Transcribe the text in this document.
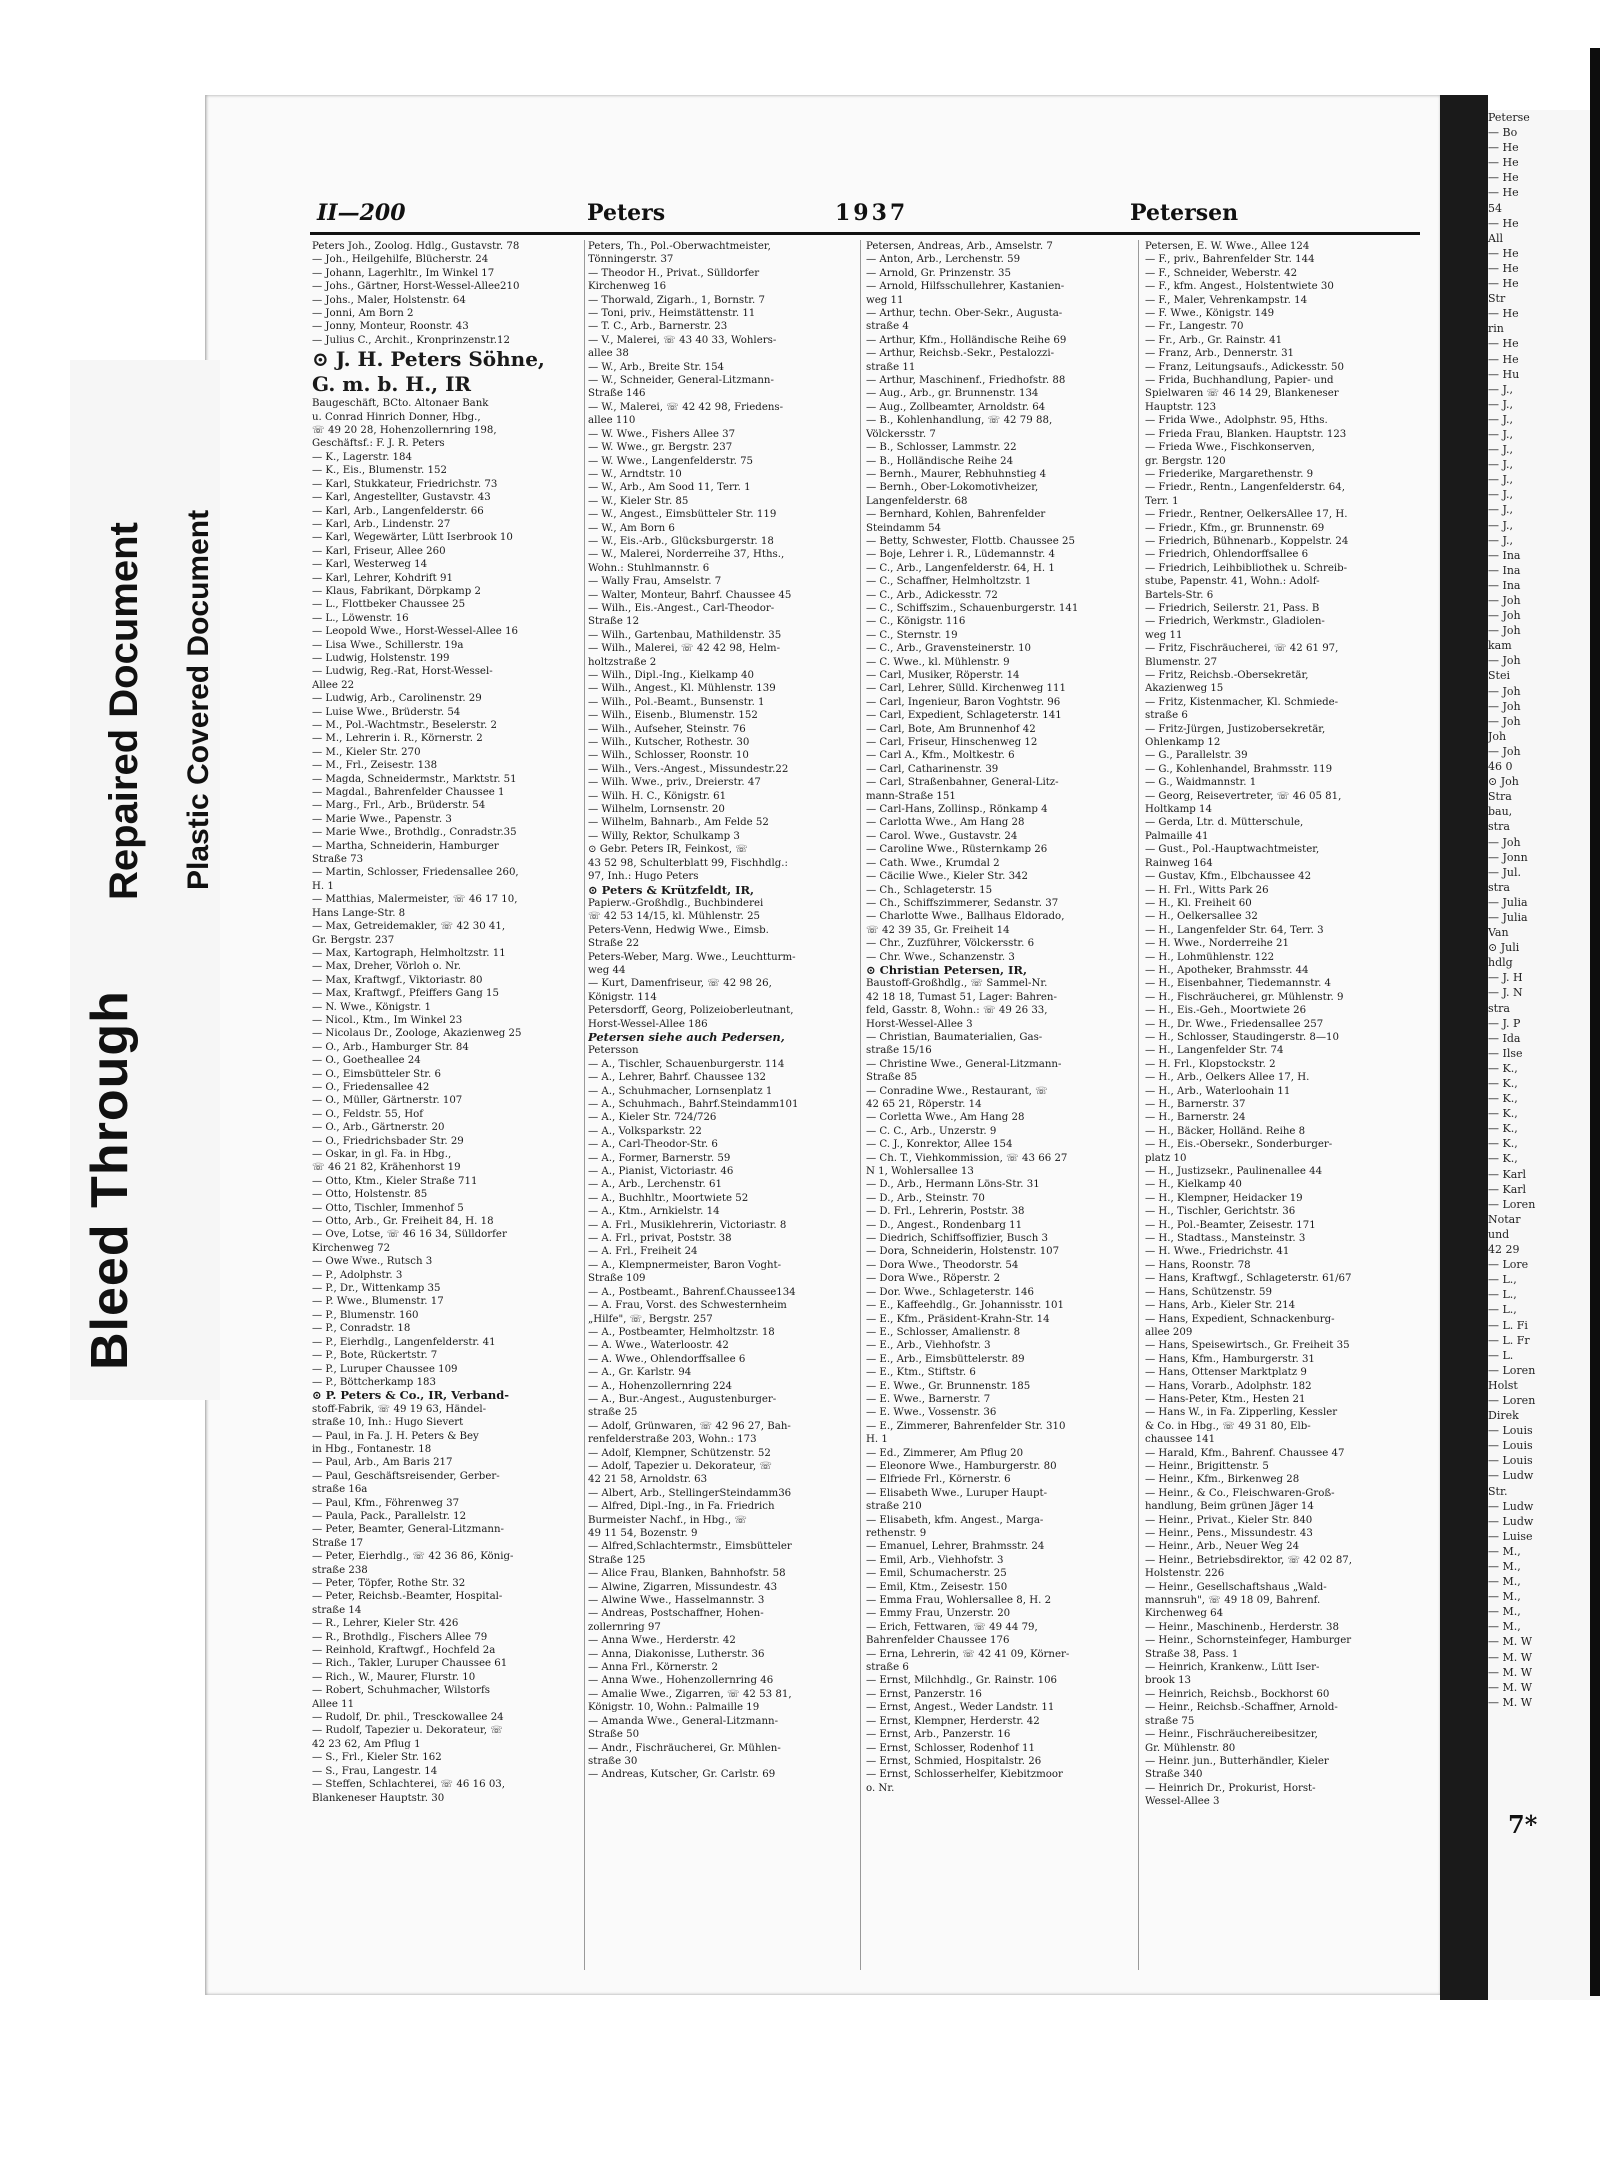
Peterse
— Bo
— He
— He
— He
— He
54
— He
All
— He
— He
— He
Str
— He
rin
— He
— He
— Hu
— J.,
— J.,
— J.,
— J.,
— J.,
— J.,
— J.,
— J.,
— J.,
— J.,
— J.,
— Ina
— Ina
— Ina
— Joh
— Joh
— Joh
kam
— Joh
Stei
— Joh
— Joh
— Joh
Joh
— Joh
46 0
⊙ Joh
Stra
bau,
stra
— Joh
— Jonn
— Jul.
stra
— Julia
— Julia
Van
⊙ Juli
hdlg
— J. H
— J. N
stra
— J. P
— Ida
— Ilse
— K.,
— K.,
— K.,
— K.,
— K.,
— K.,
— K.,
— Karl
— Karl
— Loren
Notar
und
42 29
— Lore
— L.,
— L.,
— L.,
— L. Fi
— L. Fr
— L.
— Loren
Holst
— Loren
Direk
— Louis
— Louis
— Louis
— Ludw
Str.
— Ludw
— Ludw
— Luise
— M.,
— M.,
— M.,
— M.,
— M.,
— M.,
— M. W
— M. W
— M. W
— M. W
— M. W
Bleed Through
Repaired Document Plastic Covered Document
II—200	Peters	1937	Petersen
Peters Joh., Zoolog. Hdlg., Gustavstr. 78
— Joh., Heilgehilfe, Blücherstr. 24
— Johann, Lagerhltr., Im Winkel 17
— Johs., Gärtner, Horst-Wessel-Allee210
— Johs., Maler, Holstenstr. 64
— Jonni, Am Born 2
— Jonny, Monteur, Roonstr. 43
— Julius C., Archit., Kronprinzenstr.12
⊙ J. H. Peters Söhne,
G. m. b. H., IR
Baugeschäft, BCto. Altonaer Bank
u. Conrad Hinrich Donner, Hbg.,
☏ 49 20 28, Hohenzollernring 198,
Geschäftsf.: F. J. R. Peters
— K., Lagerstr. 184
— K., Eis., Blumenstr. 152
— Karl, Stukkateur, Friedrichstr. 73
— Karl, Angestellter, Gustavstr. 43
— Karl, Arb., Langenfelderstr. 66
— Karl, Arb., Lindenstr. 27
— Karl, Wegewärter, Lütt Iserbrook 10
— Karl, Friseur, Allee 260
— Karl, Westerweg 14
— Karl, Lehrer, Kohdrift 91
— Klaus, Fabrikant, Dörpkamp 2
— L., Flottbeker Chaussee 25
— L., Löwenstr. 16
— Leopold Wwe., Horst-Wessel-Allee 16
— Lisa Wwe., Schillerstr. 19a
— Ludwig, Holstenstr. 199
— Ludwig, Reg.-Rat, Horst-Wessel-
Allee 22
— Ludwig, Arb., Carolinenstr. 29
— Luise Wwe., Brüderstr. 54
— M., Pol.-Wachtmstr., Beselerstr. 2
— M., Lehrerin i. R., Körnerstr. 2
— M., Kieler Str. 270
— M., Frl., Zeisestr. 138
— Magda, Schneidermstr., Marktstr. 51
— Magdal., Bahrenfelder Chaussee 1
— Marg., Frl., Arb., Brüderstr. 54
— Marie Wwe., Papenstr. 3
— Marie Wwe., Brothdlg., Conradstr.35
— Martha, Schneiderin, Hamburger
Straße 73
— Martin, Schlosser, Friedensallee 260,
H. 1
— Matthias, Malermeister, ☏ 46 17 10,
Hans Lange-Str. 8
— Max, Getreidemakler, ☏ 42 30 41,
Gr. Bergstr. 237
— Max, Kartograph, Helmholtzstr. 11
— Max, Dreher, Vörloh o. Nr.
— Max, Kraftwgf., Viktoriastr. 80
— Max, Kraftwgf., Pfeiffers Gang 15
— N. Wwe., Königstr. 1
— Nicol., Ktm., Im Winkel 23
— Nicolaus Dr., Zoologe, Akazienweg 25
— O., Arb., Hamburger Str. 84
— O., Goetheallee 24
— O., Eimsbütteler Str. 6
— O., Friedensallee 42
— O., Müller, Gärtnerstr. 107
— O., Feldstr. 55, Hof
— O., Arb., Gärtnerstr. 20
— O., Friedrichsbader Str. 29
— Oskar, in gl. Fa. in Hbg.,
☏ 46 21 82, Krähenhorst 19
— Otto, Ktm., Kieler Straße 711
— Otto, Holstenstr. 85
— Otto, Tischler, Immenhof 5
— Otto, Arb., Gr. Freiheit 84, H. 18
— Ove, Lotse, ☏ 46 16 34, Sülldorfer
Kirchenweg 72
— Owe Wwe., Rutsch 3
— P., Adolphstr. 3
— P., Dr., Wittenkamp 35
— P. Wwe., Blumenstr. 17
— P., Blumenstr. 160
— P., Conradstr. 18
— P., Eierhdlg., Langenfelderstr. 41
— P., Bote, Rückertstr. 7
— P., Luruper Chaussee 109
— P., Böttcherkamp 183
⊙ P. Peters & Co., IR, Verband-
stoff-Fabrik, ☏ 49 19 63, Händel-
straße 10, Inh.: Hugo Sievert
— Paul, in Fa. J. H. Peters & Bey
in Hbg., Fontanestr. 18
— Paul, Arb., Am Baris 217
— Paul, Geschäftsreisender, Gerber-
straße 16a
— Paul, Kfm., Föhrenweg 37
— Paula, Pack., Parallelstr. 12
— Peter, Beamter, General-Litzmann-
Straße 17
— Peter, Eierhdlg., ☏ 42 36 86, König-
straße 238
— Peter, Töpfer, Rothe Str. 32
— Peter, Reichsb.-Beamter, Hospital-
straße 14
— R., Lehrer, Kieler Str. 426
— R., Brothdlg., Fischers Allee 79
— Reinhold, Kraftwgf., Hochfeld 2a
— Rich., Takler, Luruper Chaussee 61
— Rich., W., Maurer, Flurstr. 10
— Robert, Schuhmacher, Wilstorfs
Allee 11
— Rudolf, Dr. phil., Tresckowallee 24
— Rudolf, Tapezier u. Dekorateur, ☏
42 23 62, Am Pflug 1
— S., Frl., Kieler Str. 162
— S., Frau, Langestr. 14
— Steffen, Schlachterei, ☏ 46 16 03,
Blankeneser Hauptstr. 30
Peters, Th., Pol.-Oberwachtmeister,
Tönningerstr. 37
— Theodor H., Privat., Sülldorfer
Kirchenweg 16
— Thorwald, Zigarh., 1, Bornstr. 7
— Toni, priv., Heimstättenstr. 11
— T. C., Arb., Barnerstr. 23
— V., Malerei, ☏ 43 40 33, Wohlers-
allee 38
— W., Arb., Breite Str. 154
— W., Schneider, General-Litzmann-
Straße 146
— W., Malerei, ☏ 42 42 98, Friedens-
allee 110
— W. Wwe., Fishers Allee 37
— W. Wwe., gr. Bergstr. 237
— W. Wwe., Langenfelderstr. 75
— W., Arndtstr. 10
— W., Arb., Am Sood 11, Terr. 1
— W., Kieler Str. 85
— W., Angest., Eimsbütteler Str. 119
— W., Am Born 6
— W., Eis.-Arb., Glücksburgerstr. 18
— W., Malerei, Norderreihe 37, Hths.,
Wohn.: Stuhlmannstr. 6
— Wally Frau, Amselstr. 7
— Walter, Monteur, Bahrf. Chaussee 45
— Wilh., Eis.-Angest., Carl-Theodor-
Straße 12
— Wilh., Gartenbau, Mathildenstr. 35
— Wilh., Malerei, ☏ 42 42 98, Helm-
holtzstraße 2
— Wilh., Dipl.-Ing., Kielkamp 40
— Wilh., Angest., Kl. Mühlenstr. 139
— Wilh., Pol.-Beamt., Bunsenstr. 1
— Wilh., Eisenb., Blumenstr. 152
— Wilh., Aufseher, Steinstr. 76
— Wilh., Kutscher, Rothestr. 30
— Wilh., Schlosser, Roonstr. 10
— Wilh., Vers.-Angest., Missundestr.22
— Wilh. Wwe., priv., Dreierstr. 47
— Wilh. H. C., Königstr. 61
— Wilhelm, Lornsenstr. 20
— Wilhelm, Bahnarb., Am Felde 52
— Willy, Rektor, Schulkamp 3
⊙ Gebr. Peters IR, Feinkost, ☏
43 52 98, Schulterblatt 99, Fischhdlg.:
97, Inh.: Hugo Peters
⊙ Peters & Krützfeldt, IR,
Papierw.-Großhdlg., Buchbinderei
☏ 42 53 14/15, kl. Mühlenstr. 25
Peters-Venn, Hedwig Wwe., Eimsb.
Straße 22
Peters-Weber, Marg. Wwe., Leuchtturm-
weg 44
— Kurt, Damenfriseur, ☏ 42 98 26,
Königstr. 114
Petersdorff, Georg, Polizeioberleutnant,
Horst-Wessel-Allee 186
Petersen siehe auch Pedersen,
Petersson
— A., Tischler, Schauenburgerstr. 114
— A., Lehrer, Bahrf. Chaussee 132
— A., Schuhmacher, Lornsenplatz 1
— A., Schuhmach., Bahrf.Steindamm101
— A., Kieler Str. 724/726
— A., Volksparkstr. 22
— A., Carl-Theodor-Str. 6
— A., Former, Barnerstr. 59
— A., Pianist, Victoriastr. 46
— A., Arb., Lerchenstr. 61
— A., Buchhltr., Moortwiete 52
— A., Ktm., Arnkielstr. 14
— A. Frl., Musiklehrerin, Victoriastr. 8
— A. Frl., privat, Poststr. 38
— A. Frl., Freiheit 24
— A., Klempnermeister, Baron Voght-
Straße 109
— A., Postbeamt., Bahrenf.Chaussee134
— A. Frau, Vorst. des Schwesternheim
„Hilfe", ☏, Bergstr. 257
— A., Postbeamter, Helmholtzstr. 18
— A. Wwe., Waterloostr. 42
— A. Wwe., Ohlendorffsallee 6
— A., Gr. Karlstr. 94
— A., Hohenzollernring 224
— A., Bur.-Angest., Augustenburger-
straße 25
— Adolf, Grünwaren, ☏ 42 96 27, Bah-
renfelderstraße 203, Wohn.: 173
— Adolf, Klempner, Schützenstr. 52
— Adolf, Tapezier u. Dekorateur, ☏
42 21 58, Arnoldstr. 63
— Albert, Arb., StellingerSteindamm36
— Alfred, Dipl.-Ing., in Fa. Friedrich
Burmeister Nachf., in Hbg., ☏
49 11 54, Bozenstr. 9
— Alfred,Schlachtermstr., Eimsbütteler
Straße 125
— Alice Frau, Blanken, Bahnhofstr. 58
— Alwine, Zigarren, Missundestr. 43
— Alwine Wwe., Hasselmannstr. 3
— Andreas, Postschaffner, Hohen-
zollernring 97
— Anna Wwe., Herderstr. 42
— Anna, Diakonisse, Lutherstr. 36
— Anna Frl., Körnerstr. 2
— Anna Wwe., Hohenzollernring 46
— Amalie Wwe., Zigarren, ☏ 42 53 81,
Königstr. 10, Wohn.: Palmaille 19
— Amanda Wwe., General-Litzmann-
Straße 50
— Andr., Fischräucherei, Gr. Mühlen-
straße 30
— Andreas, Kutscher, Gr. Carlstr. 69
Petersen, Andreas, Arb., Amselstr. 7
— Anton, Arb., Lerchenstr. 59
— Arnold, Gr. Prinzenstr. 35
— Arnold, Hilfsschullehrer, Kastanien-
weg 11
— Arthur, techn. Ober-Sekr., Augusta-
straße 4
— Arthur, Kfm., Holländische Reihe 69
— Arthur, Reichsb.-Sekr., Pestalozzi-
straße 11
— Arthur, Maschinenf., Friedhofstr. 88
— Aug., Arb., gr. Brunnenstr. 134
— Aug., Zollbeamter, Arnoldstr. 64
— B., Kohlenhandlung, ☏ 42 79 88,
Völckersstr. 7
— B., Schlosser, Lammstr. 22
— B., Holländische Reihe 24
— Bernh., Maurer, Rebhuhnstieg 4
— Bernh., Ober-Lokomotivheizer,
Langenfelderstr. 68
— Bernhard, Kohlen, Bahrenfelder
Steindamm 54
— Betty, Schwester, Flottb. Chaussee 25
— Boje, Lehrer i. R., Lüdemannstr. 4
— C., Arb., Langenfelderstr. 64, H. 1
— C., Schaffner, Helmholtzstr. 1
— C., Arb., Adickesstr. 72
— C., Schiffszim., Schauenburgerstr. 141
— C., Königstr. 116
— C., Sternstr. 19
— C., Arb., Gravensteinerstr. 10
— C. Wwe., kl. Mühlenstr. 9
— Carl, Musiker, Röperstr. 14
— Carl, Lehrer, Sülld. Kirchenweg 111
— Carl, Ingenieur, Baron Voghtstr. 96
— Carl, Expedient, Schlageterstr. 141
— Carl, Bote, Am Brunnenhof 42
— Carl, Friseur, Hinschenweg 12
— Carl A., Kfm., Moltkestr. 6
— Carl, Catharinenstr. 39
— Carl, Straßenbahner, General-Litz-
mann-Straße 151
— Carl-Hans, Zollinsp., Rönkamp 4
— Carlotta Wwe., Am Hang 28
— Carol. Wwe., Gustavstr. 24
— Caroline Wwe., Rüsternkamp 26
— Cath. Wwe., Krumdal 2
— Cäcilie Wwe., Kieler Str. 342
— Ch., Schlageterstr. 15
— Ch., Schiffszimmerer, Sedanstr. 37
— Charlotte Wwe., Ballhaus Eldorado,
☏ 42 39 35, Gr. Freiheit 14
— Chr., Zuzführer, Völckersstr. 6
— Chr. Wwe., Schanzenstr. 3
⊙ Christian Petersen, IR,
Baustoff-Großhdlg., ☏ Sammel-Nr.
42 18 18, Tumast 51, Lager: Bahren-
feld, Gasstr. 8, Wohn.: ☏ 49 26 33,
Horst-Wessel-Allee 3
— Christian, Baumaterialien, Gas-
straße 15/16
— Christine Wwe., General-Litzmann-
Straße 85
— Conradine Wwe., Restaurant, ☏
42 65 21, Röperstr. 14
— Corletta Wwe., Am Hang 28
— C. C., Arb., Unzerstr. 9
— C. J., Konrektor, Allee 154
— Ch. T., Viehkommission, ☏ 43 66 27
N 1, Wohlersallee 13
— D., Arb., Hermann Löns-Str. 31
— D., Arb., Steinstr. 70
— D. Frl., Lehrerin, Poststr. 38
— D., Angest., Rondenbarg 11
— Diedrich, Schiffsoffizier, Busch 3
— Dora, Schneiderin, Holstenstr. 107
— Dora Wwe., Theodorstr. 54
— Dora Wwe., Röperstr. 2
— Dor. Wwe., Schlageterstr. 146
— E., Kaffeehdlg., Gr. Johannisstr. 101
— E., Kfm., Präsident-Krahn-Str. 14
— E., Schlosser, Amalienstr. 8
— E., Arb., Viehhofstr. 3
— E., Arb., Eimsbüttelerstr. 89
— E., Ktm., Stiftstr. 6
— E. Wwe., Gr. Brunnenstr. 185
— E. Wwe., Barnerstr. 7
— E. Wwe., Vossenstr. 36
— E., Zimmerer, Bahrenfelder Str. 310
H. 1
— Ed., Zimmerer, Am Pflug 20
— Eleonore Wwe., Hamburgerstr. 80
— Elfriede Frl., Körnerstr. 6
— Elisabeth Wwe., Luruper Haupt-
straße 210
— Elisabeth, kfm. Angest., Marga-
rethenstr. 9
— Emanuel, Lehrer, Brahmsstr. 24
— Emil, Arb., Viehhofstr. 3
— Emil, Schumacherstr. 25
— Emil, Ktm., Zeisestr. 150
— Emma Frau, Wohlersallee 8, H. 2
— Emmy Frau, Unzerstr. 20
— Erich, Fettwaren, ☏ 49 44 79,
Bahrenfelder Chaussee 176
— Erna, Lehrerin, ☏ 42 41 09, Körner-
straße 6
— Ernst, Milchhdlg., Gr. Rainstr. 106
— Ernst, Panzerstr. 16
— Ernst, Angest., Weder Landstr. 11
— Ernst, Klempner, Herderstr. 42
— Ernst, Arb., Panzerstr. 16
— Ernst, Schlosser, Rodenhof 11
— Ernst, Schmied, Hospitalstr. 26
— Ernst, Schlosserhelfer, Kiebitzmoor
o. Nr.
Petersen, E. W. Wwe., Allee 124
— F., priv., Bahrenfelder Str. 144
— F., Schneider, Weberstr. 42
— F., kfm. Angest., Holstentwiete 30
— F., Maler, Vehrenkampstr. 14
— F. Wwe., Königstr. 149
— Fr., Langestr. 70
— Fr., Arb., Gr. Rainstr. 41
— Franz, Arb., Dennerstr. 31
— Franz, Leitungsaufs., Adickesstr. 50
— Frida, Buchhandlung, Papier- und
Spielwaren ☏ 46 14 29, Blankeneser
Hauptstr. 123
— Frida Wwe., Adolphstr. 95, Hths.
— Frieda Frau, Blanken. Hauptstr. 123
— Frieda Wwe., Fischkonserven,
gr. Bergstr. 120
— Friederike, Margarethenstr. 9
— Friedr., Rentn., Langenfelderstr. 64,
Terr. 1
— Friedr., Rentner, OelkersAllee 17, H.
— Friedr., Kfm., gr. Brunnenstr. 69
— Friedrich, Bühnenarb., Koppelstr. 24
— Friedrich, Ohlendorffsallee 6
— Friedrich, Leihbibliothek u. Schreib-
stube, Papenstr. 41, Wohn.: Adolf-
Bartels-Str. 6
— Friedrich, Seilerstr. 21, Pass. B
— Friedrich, Werkmstr., Gladiolen-
weg 11
— Fritz, Fischräucherei, ☏ 42 61 97,
Blumenstr. 27
— Fritz, Reichsb.-Obersekretär,
Akazienweg 15
— Fritz, Kistenmacher, Kl. Schmiede-
straße 6
— Fritz-Jürgen, Justizobersekretär,
Ohlenkamp 12
— G., Parallelstr. 39
— G., Kohlenhandel, Brahmsstr. 119
— G., Waidmannstr. 1
— Georg, Reisevertreter, ☏ 46 05 81,
Holtkamp 14
— Gerda, Ltr. d. Mütterschule,
Palmaille 41
— Gust., Pol.-Hauptwachtmeister,
Rainweg 164
— Gustav, Kfm., Elbchaussee 42
— H. Frl., Witts Park 26
— H., Kl. Freiheit 60
— H., Oelkersallee 32
— H., Langenfelder Str. 64, Terr. 3
— H. Wwe., Norderreihe 21
— H., Lohmühlenstr. 122
— H., Apotheker, Brahmsstr. 44
— H., Eisenbahner, Tiedemannstr. 4
— H., Fischräucherei, gr. Mühlenstr. 9
— H., Eis.-Geh., Moortwiete 26
— H., Dr. Wwe., Friedensallee 257
— H., Schlosser, Staudingerstr. 8—10
— H., Langenfelder Str. 74
— H. Frl., Klopstockstr. 2
— H., Arb., Oelkers Allee 17, H.
— H., Arb., Waterloohain 11
— H., Barnerstr. 37
— H., Barnerstr. 24
— H., Bäcker, Holländ. Reihe 8
— H., Eis.-Obersekr., Sonderburger-
platz 10
— H., Justizsekr., Paulinenallee 44
— H., Kielkamp 40
— H., Klempner, Heidacker 19
— H., Tischler, Gerichtstr. 36
— H., Pol.-Beamter, Zeisestr. 171
— H., Stadtass., Mansteinstr. 3
— H. Wwe., Friedrichstr. 41
— Hans, Roonstr. 78
— Hans, Kraftwgf., Schlageterstr. 61/67
— Hans, Schützenstr. 59
— Hans, Arb., Kieler Str. 214
— Hans, Expedient, Schnackenburg-
allee 209
— Hans, Speisewirtsch., Gr. Freiheit 35
— Hans, Kfm., Hamburgerstr. 31
— Hans, Ottenser Marktplatz 9
— Hans, Vorarb., Adolphstr. 182
— Hans-Peter, Ktm., Hesten 21
— Hans W., in Fa. Zipperling, Kessler
& Co. in Hbg., ☏ 49 31 80, Elb-
chaussee 141
— Harald, Kfm., Bahrenf. Chaussee 47
— Heinr., Brigittenstr. 5
— Heinr., Kfm., Birkenweg 28
— Heinr., & Co., Fleischwaren-Groß-
handlung, Beim grünen Jäger 14
— Heinr., Privat., Kieler Str. 840
— Heinr., Pens., Missundestr. 43
— Heinr., Arb., Neuer Weg 24
— Heinr., Betriebsdirektor, ☏ 42 02 87,
Holstenstr. 226
— Heinr., Gesellschaftshaus „Wald-
mannsruh", ☏ 49 18 09, Bahrenf.
Kirchenweg 64
— Heinr., Maschinenb., Herderstr. 38
— Heinr., Schornsteinfeger, Hamburger
Straße 38, Pass. 1
— Heinrich, Krankenw., Lütt Iser-
brook 13
— Heinrich, Reichsb., Bockhorst 60
— Heinr., Reichsb.-Schaffner, Arnold-
straße 75
— Heinr., Fischräuchereibesitzer,
Gr. Mühlenstr. 80
— Heinr. jun., Butterhändler, Kieler
Straße 340
— Heinrich Dr., Prokurist, Horst-
Wessel-Allee 3
7*
